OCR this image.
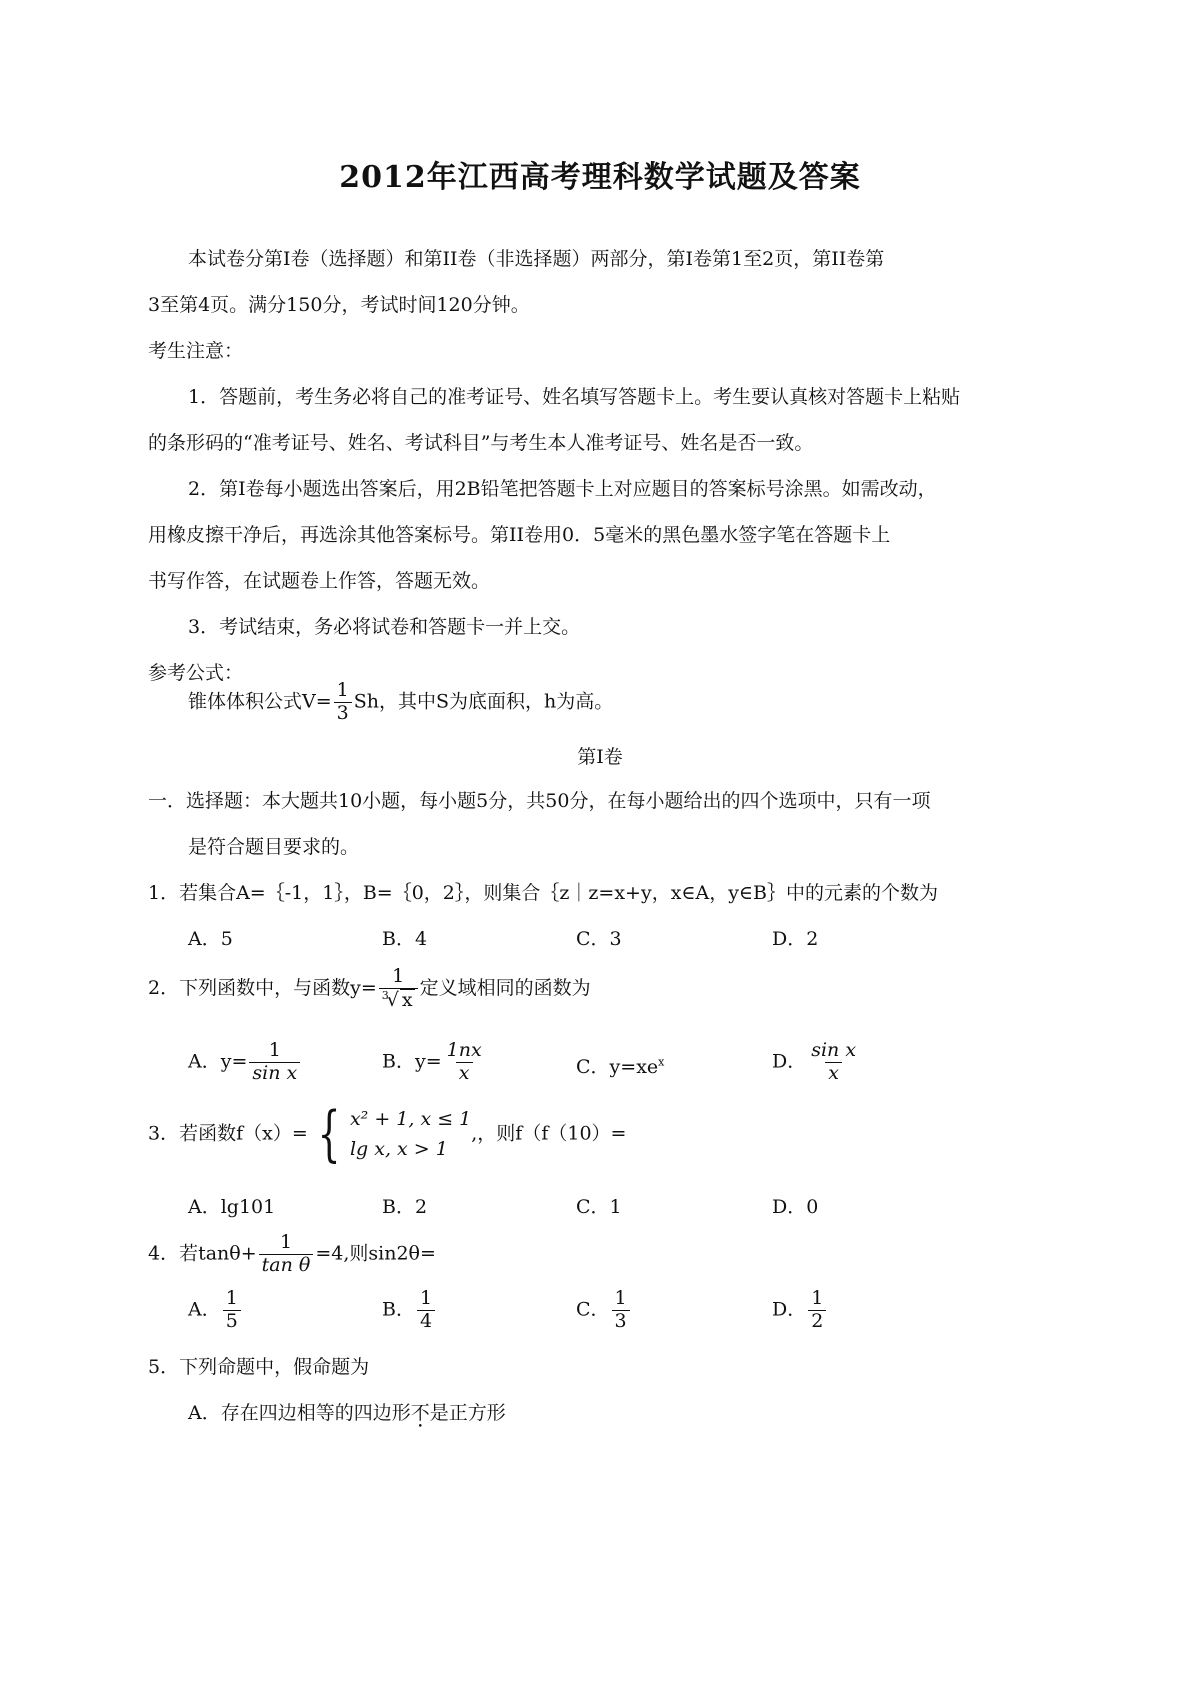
2012年江西高考理科数学试题及答案
本试卷分第I卷（选择题）和第II卷（非选择题）两部分，第I卷第1至2页，第II卷第
3至第4页。满分150分，考试时间120分钟。
考生注意：
1．答题前，考生务必将自己的准考证号、姓名填写答题卡上。考生要认真核对答题卡上粘贴
的条形码的“准考证号、姓名、考试科目”与考生本人准考证号、姓名是否一致。
2．第I卷每小题选出答案后，用2B铅笔把答题卡上对应题目的答案标号涂黑。如需改动，
用橡皮擦干净后，再选涂其他答案标号。第II卷用0．5毫米的黑色墨水签字笔在答题卡上
书写作答，在试题卷上作答，答题无效。
3．考试结束，务必将试卷和答题卡一并上交。
参考公式：
锥体体积公式$V= \frac{1}{3}$ Sh，其中S为底面积，h为高。
第I卷
一．选择题：本大题共10小题，每小题5分，共50分，在每小题给出的四个选项中，只有一项
是符合题目要求的。
1．若集合A=｛-1，1｝，B=｛0，2｝，则集合｛z｜z=x+y，x∈A，y∈B｝中的元素的个数为
A．5	B．4	C．3	D．2
2．下列函数中，与函数$y= \frac{1}{^3√ x}$ 定义域相同的函数为
A．$y= \frac{1}{\text{sin x}}$	B．$y= \frac{1nx}{x}$	C．$y=xe^x$	D． $\frac{\text{sin x}}{x}$
3．若函数f（x）= { x² + 1, x ≤ 1
lg x, x > 1
,，则f（f（10）=
A．lg101	B．2	C．1	D．0
4．若$\tan\theta+ \frac{1}{\text{tan θ}} =4$,则sin2θ=
A． $\frac{1}{5}$	B． $\frac{1}{4}$	C． $\frac{1}{3}$	D． $\frac{1}{2}$
5．下列命题中，假命题为
A．存在四边相等的四边形不是正方形
